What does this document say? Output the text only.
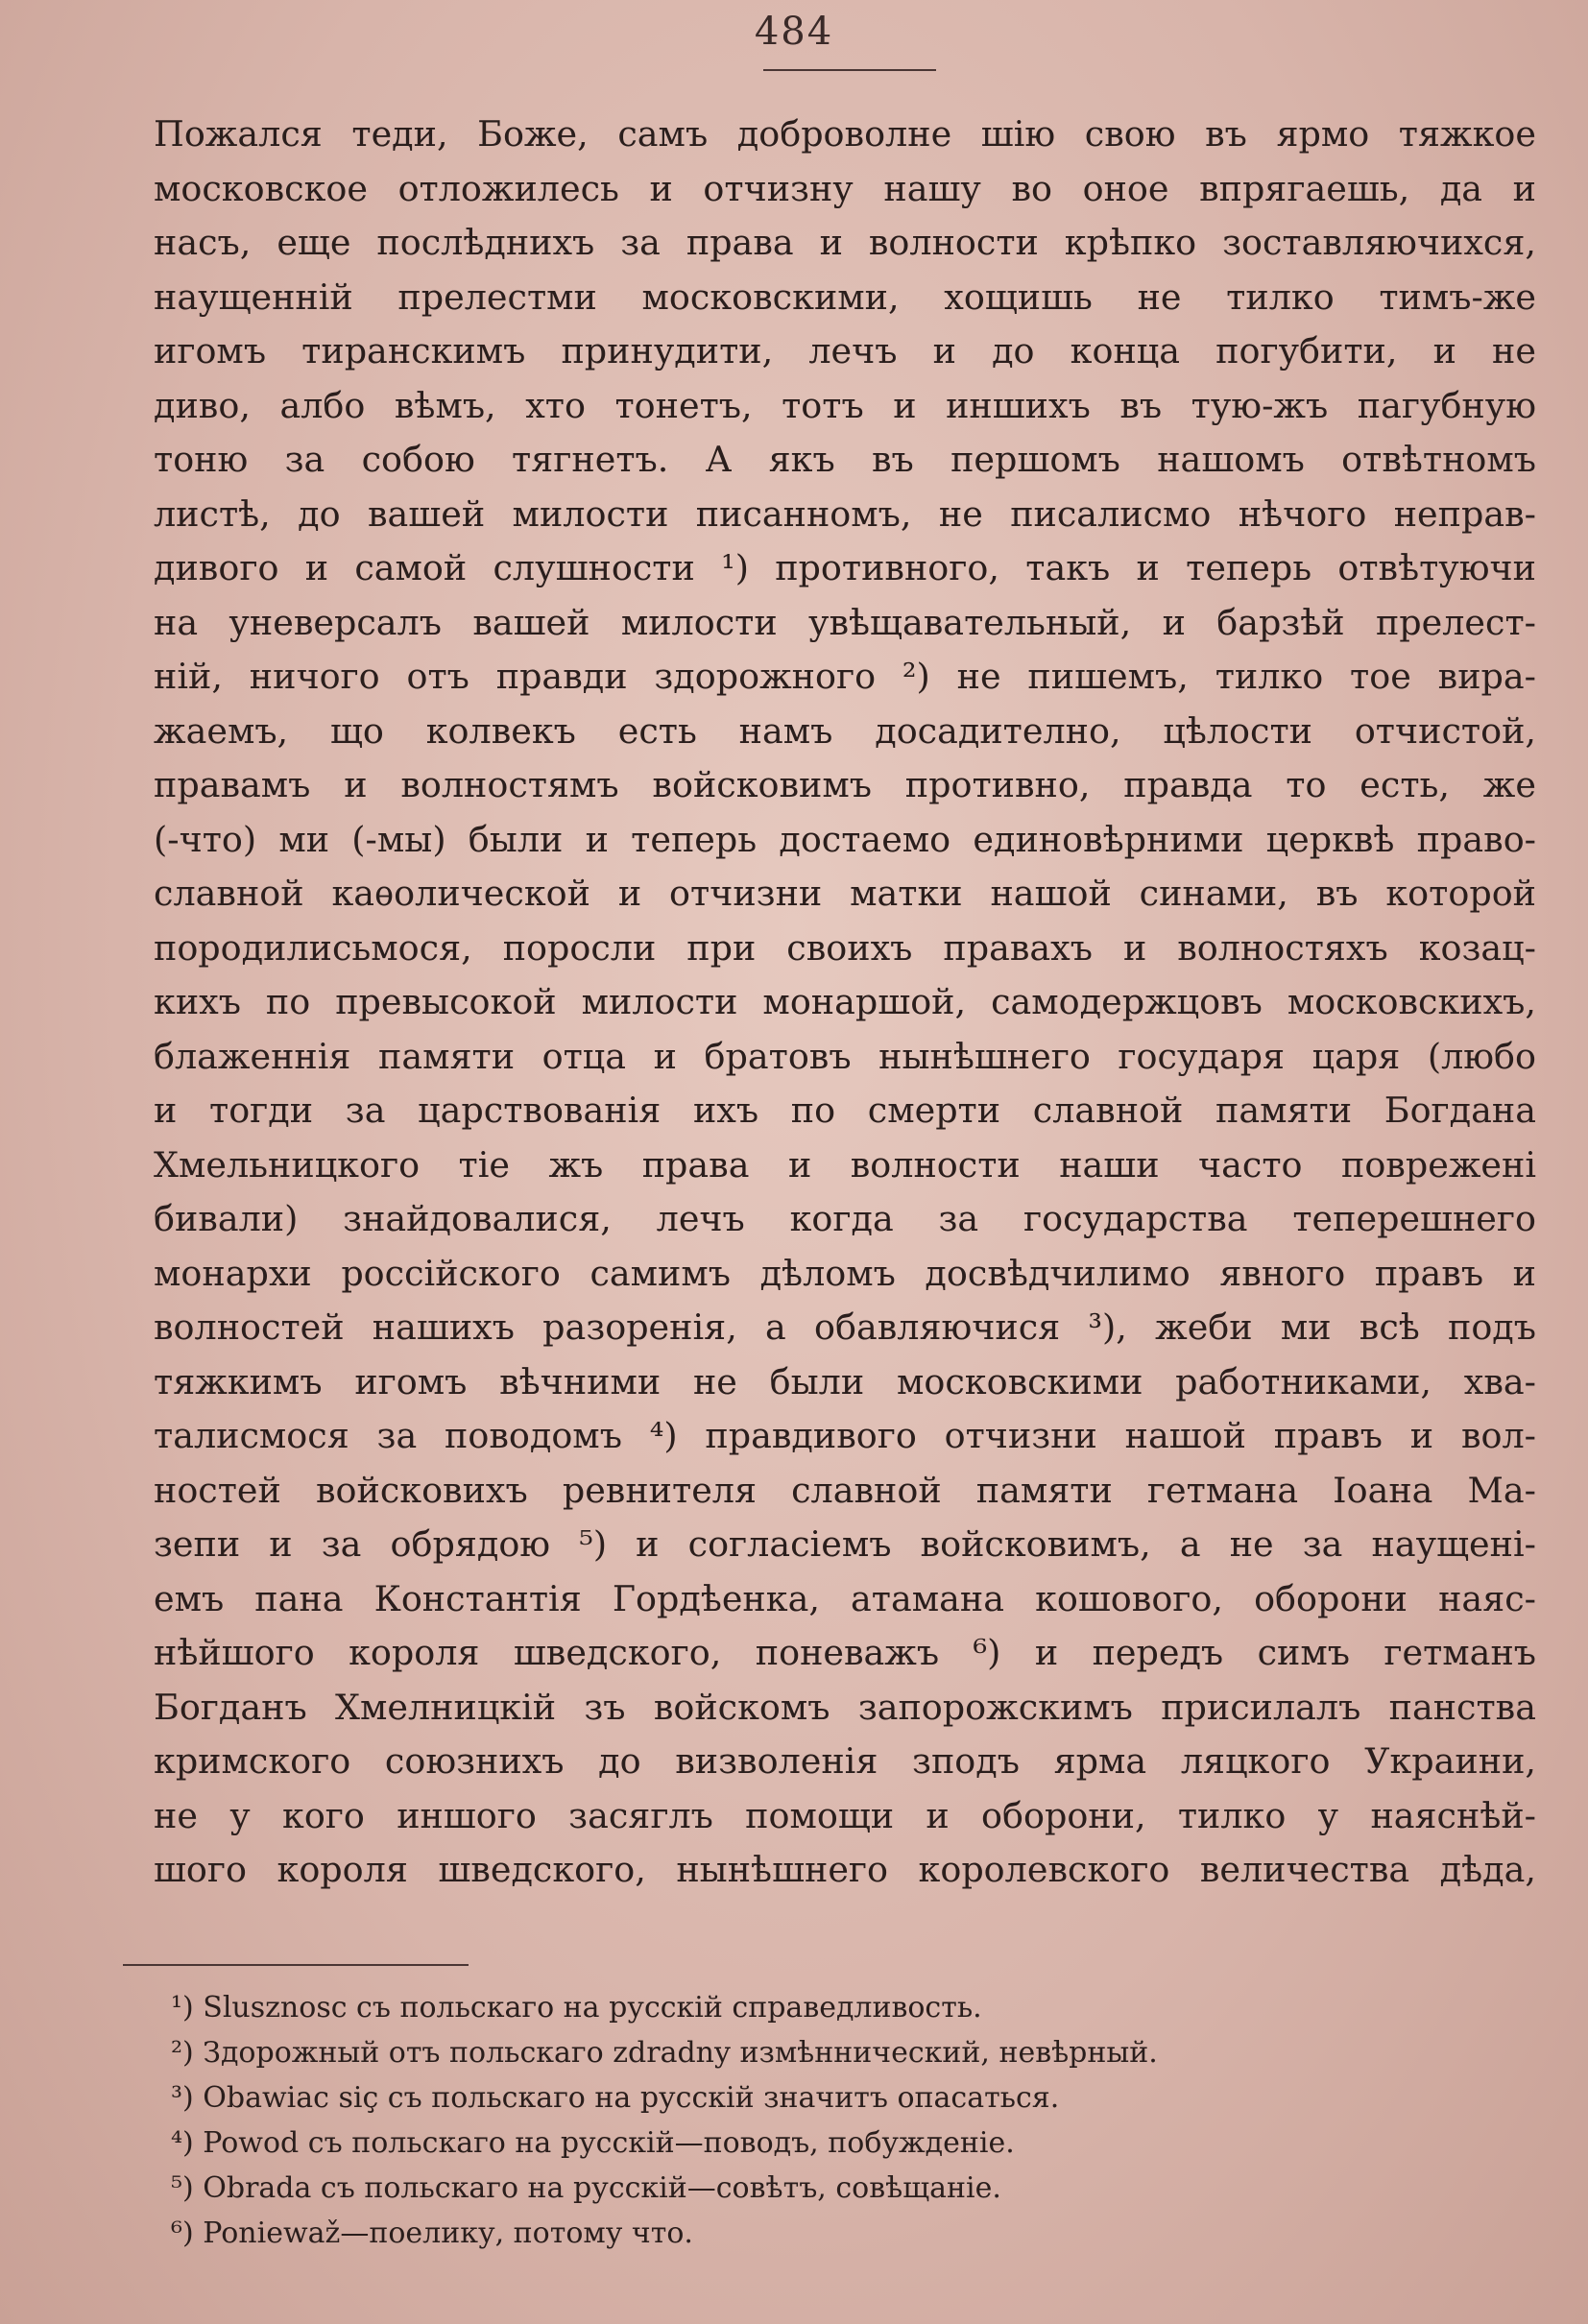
484
Пожался теди, Боже, самъ доброволне шiю свою въ ярмо тяжкое
московское отложилесь и отчизну нашу во оное впрягаешь, да и
насъ, еще послѣднихъ за права и волности крѣпко зоставляючихся,
наущеннiй прелестми московскими, хощишь не тилко тимъ-же
игомъ тиранскимъ принудити, лечъ и до конца погубити, и не
диво, албо вѣмъ, хто тонетъ, тотъ и иншихъ въ тую-жъ пагубную
тоню за собою тягнетъ. А якъ въ першомъ нашомъ отвѣтномъ
листѣ, до вашей милости писанномъ, не писалисмо нѣчого неправ-
дивого и самой слушности ¹) противного, такъ и теперь отвѣтуючи
на уневерсалъ вашей милости увѣщавательный, и барзѣй прелест-
нiй, ничого отъ правди здорожного ²) не пишемъ, тилко тое вира-
жаемъ, що колвекъ есть намъ досадително, цѣлости отчистой,
правамъ и волностямъ войсковимъ противно, правда то есть, же
(-что) ми (-мы) были и теперь достаемо единовѣрними церквѣ право-
славной каѳолической и отчизни матки нашой синами, въ которой
породилисьмося, поросли при своихъ правахъ и волностяхъ козац-
кихъ по превысокой милости монаршой, самодержцовъ московскихъ,
блаженнiя памяти отца и братовъ нынѣшнего государя царя (любо
и тогди за царствованiя ихъ по смерти славной памяти Богдана
Хмельницкого тiе жъ права и волности наши часто повреженi
бивали) знайдовалися, лечъ когда за государства теперешнего
монархи россiйского самимъ дѣломъ досвѣдчилимо явного правъ и
волностей нашихъ разоренiя, а обавляючися ³), жеби ми всѣ подъ
тяжкимъ игомъ вѣчними не были московскими работниками, хва-
талисмося за поводомъ ⁴) правдивого отчизни нашой правъ и вол-
ностей войсковихъ ревнителя славной памяти гетмана Iоана Ма-
зепи и за обрядою ⁵) и согласiемъ войсковимъ, а не за наущенi-
емъ пана Константiя Гордѣенка, атамана кошового, оборони наяс-
нѣйшого короля шведского, поневажъ ⁶) и передъ симъ гетманъ
Богданъ Хмелницкiй зъ войскомъ запорожскимъ присилалъ панства
кримского союзнихъ до визволенiя зподъ ярма ляцкого Украини,
не у кого иншого засяглъ помощи и оборони, тилко у наяснѣй-
шого короля шведского, нынѣшнего королевского величества дѣда,
¹) Slusznosc съ польскаго на русскiй справедливость.
²) Здорожный отъ польскаго zdradny измѣннический, невѣрный.
³) Obawiac siç съ польскаго на русскiй значитъ опасаться.
⁴) Powod съ польскаго на русскiй—поводъ, побужденiе.
⁵) Obrada съ польскаго на русскiй—совѣтъ, совѣщанiе.
⁶) Poniewaž—поелику, потому что.
